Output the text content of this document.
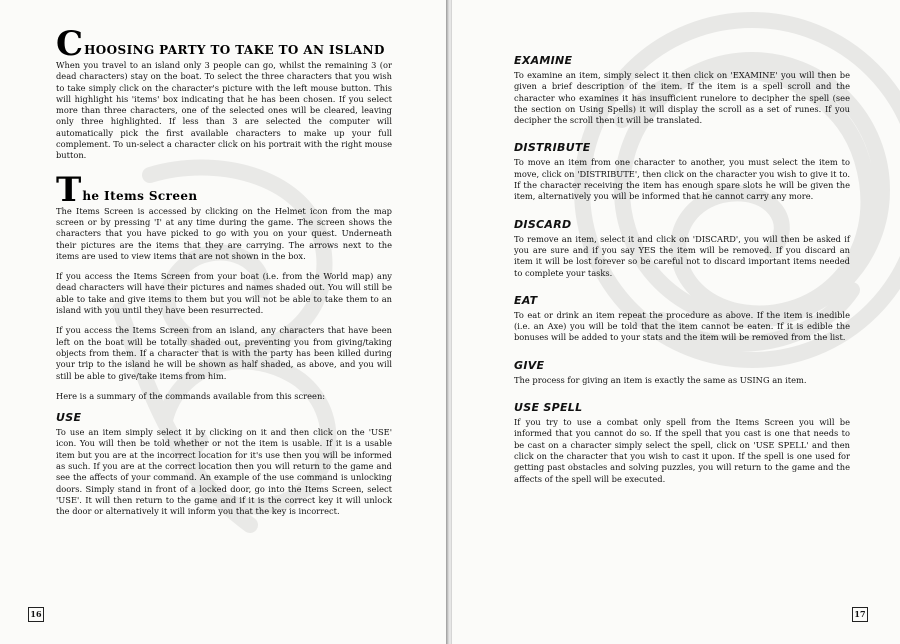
C HOOSING PARTY TO TAKE TO AN ISLAND

When you travel to an island only 3 people can go, whilst the remaining 3 (or dead characters) stay on the boat. To select the three characters that you wish to take simply click on the character's picture with the left mouse button. This will highlight his 'items' box indicating that he has been chosen. If you select more than three characters, one of the selected ones will be cleared, leaving only three highlighted. If less than 3 are selected the computer will automatically pick the first available characters to make up your full complement. To un-select a character click on his portrait with the right mouse button.

T he Items Screen

The Items Screen is accessed by clicking on the Helmet icon from the map screen or by pressing 'I' at any time during the game. The screen shows the characters that you have picked to go with you on your quest. Underneath their pictures are the items that they are carrying. The arrows next to the items are used to view items that are not shown in the box.

If you access the Items Screen from your boat (i.e. from the World map) any dead characters will have their pictures and names shaded out. You will still be able to take and give items to them but you will not be able to take them to an island with you until they have been resurrected.

If you access the Items Screen from an island, any characters that have been left on the boat will be totally shaded out, preventing you from giving/taking objects from them. If a character that is with the party has been killed during your trip to the island he will be shown as half shaded, as above, and you will still be able to give/take items from him.

Here is a summary of the commands available from this screen:

USE

To use an item simply select it by clicking on it and then click on the 'USE' icon. You will then be told whether or not the item is usable. If it is a usable item but you are at the incorrect location for it's use then you will be informed as such. If you are at the correct location then you will return to the game and see the affects of your command. An example of the use command is unlocking doors. Simply stand in front of a locked door, go into the Items Screen, select 'USE'. It will then return to the game and if it is the correct key it will unlock the door or alternatively it will inform you that the key is incorrect.

16
EXAMINE

To examine an item, simply select it then click on 'EXAMINE' you will then be given a brief description of the item. If the item is a spell scroll and the character who examines it has insufficient runelore to decipher the spell (see the section on Using Spells) it will display the scroll as a set of runes. If you decipher the scroll then it will be translated.

DISTRIBUTE

To move an item from one character to another, you must select the item to move, click on 'DISTRIBUTE', then click on the character you wish to give it to. If the character receiving the item has enough spare slots he will be given the item, alternatively you will be informed that he cannot carry any more.

DISCARD

To remove an item, select it and click on 'DISCARD', you will then be asked if you are sure and if you say YES the item will be removed. If you discard an item it will be lost forever so be careful not to discard important items needed to complete your tasks.

EAT

To eat or drink an item repeat the procedure as above. If the item is inedible (i.e. an Axe) you will be told that the item cannot be eaten. If it is edible the bonuses will be added to your stats and the item will be removed from the list.

GIVE

The process for giving an item is exactly the same as USING an item.

USE SPELL

If you try to use a combat only spell from the Items Screen you will be informed that you cannot do so. If the spell that you cast is one that needs to be cast on a character simply select the spell, click on 'USE SPELL' and then click on the character that you wish to cast it upon. If the spell is one used for getting past obstacles and solving puzzles, you will return to the game and the affects of the spell will be executed.

17
